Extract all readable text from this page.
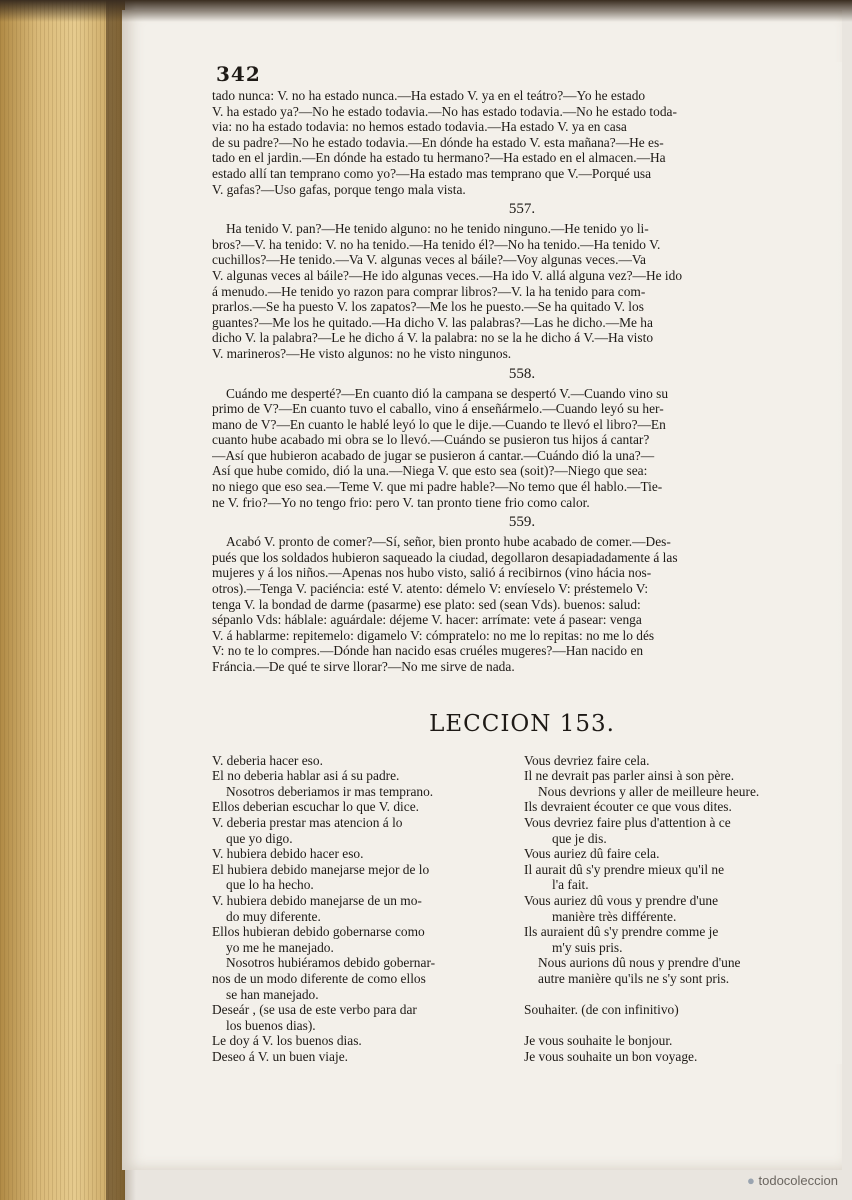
342
tado nunca: V. no ha estado nunca.—Ha estado V. ya en el teátro?—Yo he estado
V. ha estado ya?—No he estado todavia.—No has estado todavia.—No he estado toda-
via: no ha estado todavia: no hemos estado todavia.—Ha estado V. ya en casa
de su padre?—No he estado todavia.—En dónde ha estado V. esta mañana?—He es-
tado en el jardin.—En dónde ha estado tu hermano?—Ha estado en el almacen.—Ha
estado allí tan temprano como yo?—Ha estado mas temprano que V.—Porqué usa
V. gafas?—Uso gafas, porque tengo mala vista.
557.
Ha tenido V. pan?—He tenido alguno: no he tenido ninguno.—He tenido yo li-
bros?—V. ha tenido: V. no ha tenido.—Ha tenido él?—No ha tenido.—Ha tenido V.
cuchillos?—He tenido.—Va V. algunas veces al báile?—Voy algunas veces.—Va
V. algunas veces al báile?—He ido algunas veces.—Ha ido V. allá alguna vez?—He ido
á menudo.—He tenido yo razon para comprar libros?—V. la ha tenido para com-
prarlos.—Se ha puesto V. los zapatos?—Me los he puesto.—Se ha quitado V. los
guantes?—Me los he quitado.—Ha dicho V. las palabras?—Las he dicho.—Me ha
dicho V. la palabra?—Le he dicho á V. la palabra: no se la he dicho á V.—Ha visto
V. marineros?—He visto algunos: no he visto ningunos.
558.
Cuándo me desperté?—En cuanto dió la campana se despertó V.—Cuando vino su
primo de V?—En cuanto tuvo el caballo, vino á enseñármelo.—Cuando leyó su her-
mano de V?—En cuanto le hablé leyó lo que le dije.—Cuando te llevó el libro?—En
cuanto hube acabado mi obra se lo llevó.—Cuándo se pusieron tus hijos á cantar?
—Así que hubieron acabado de jugar se pusieron á cantar.—Cuándo dió la una?—
Así que hube comido, dió la una.—Niega V. que esto sea (soit)?—Niego que sea:
no niego que eso sea.—Teme V. que mi padre hable?—No temo que él hablo.—Tie-
ne V. frio?—Yo no tengo frio: pero V. tan pronto tiene frio como calor.
559.
Acabó V. pronto de comer?—Sí, señor, bien pronto hube acabado de comer.—Des-
pués que los soldados hubieron saqueado la ciudad, degollaron desapiadadamente á las
mujeres y á los niños.—Apenas nos hubo visto, salió á recibirnos (vino hácia nos-
otros).—Tenga V. paciéncia: esté V. atento: démelo V: envíeselo V: préstemelo V:
tenga V. la bondad de darme (pasarme) ese plato: sed (sean Vds). buenos: salud:
sépanlo Vds: háblale: aguárdale: déjeme V. hacer: arrímate: vete á pasear: venga
V. á hablarme: repitemelo: digamelo V: cómpratelo: no me lo repitas: no me lo dés
V: no te lo compres.—Dónde han nacido esas cruéles mugeres?—Han nacido en
Fráncia.—De qué te sirve llorar?—No me sirve de nada.
LECCION 153.
V. deberia hacer eso.	Vous devriez faire cela.
El no deberia hablar asi á su padre.	Il ne devrait pas parler ainsi à son père.
Nosotros deberiamos ir mas temprano.	Nous devrions y aller de meilleure heure.
Ellos deberian escuchar lo que V. dice.	Ils devraient écouter ce que vous dites.
V. deberia prestar mas atencion á lo	Vous devriez faire plus d'attention à ce
que yo digo.	que je dis.
V. hubiera debido hacer eso.	Vous auriez dû faire cela.
El hubiera debido manejarse mejor de lo	Il aurait dû s'y prendre mieux qu'il ne
que lo ha hecho.	l'a fait.
V. hubiera debido manejarse de un mo-	Vous auriez dû vous y prendre d'une
do muy diferente.	manière très différente.
Ellos hubieran debido gobernarse como	Ils auraient dû s'y prendre comme je
yo me he manejado.	m'y suis pris.
Nosotros hubiéramos debido gobernar-	Nous aurions dû nous y prendre d'une
nos de un modo diferente de como ellos	autre manière qu'ils ne s'y sont pris.
se han manejado.
Deseár , (se usa de este verbo para dar	Souhaiter. (de con infinitivo)
los buenos dias).
Le doy á V. los buenos dias.	Je vous souhaite le bonjour.
Deseo á V. un buen viaje.	Je vous souhaite un bon voyage.
● todocoleccion
